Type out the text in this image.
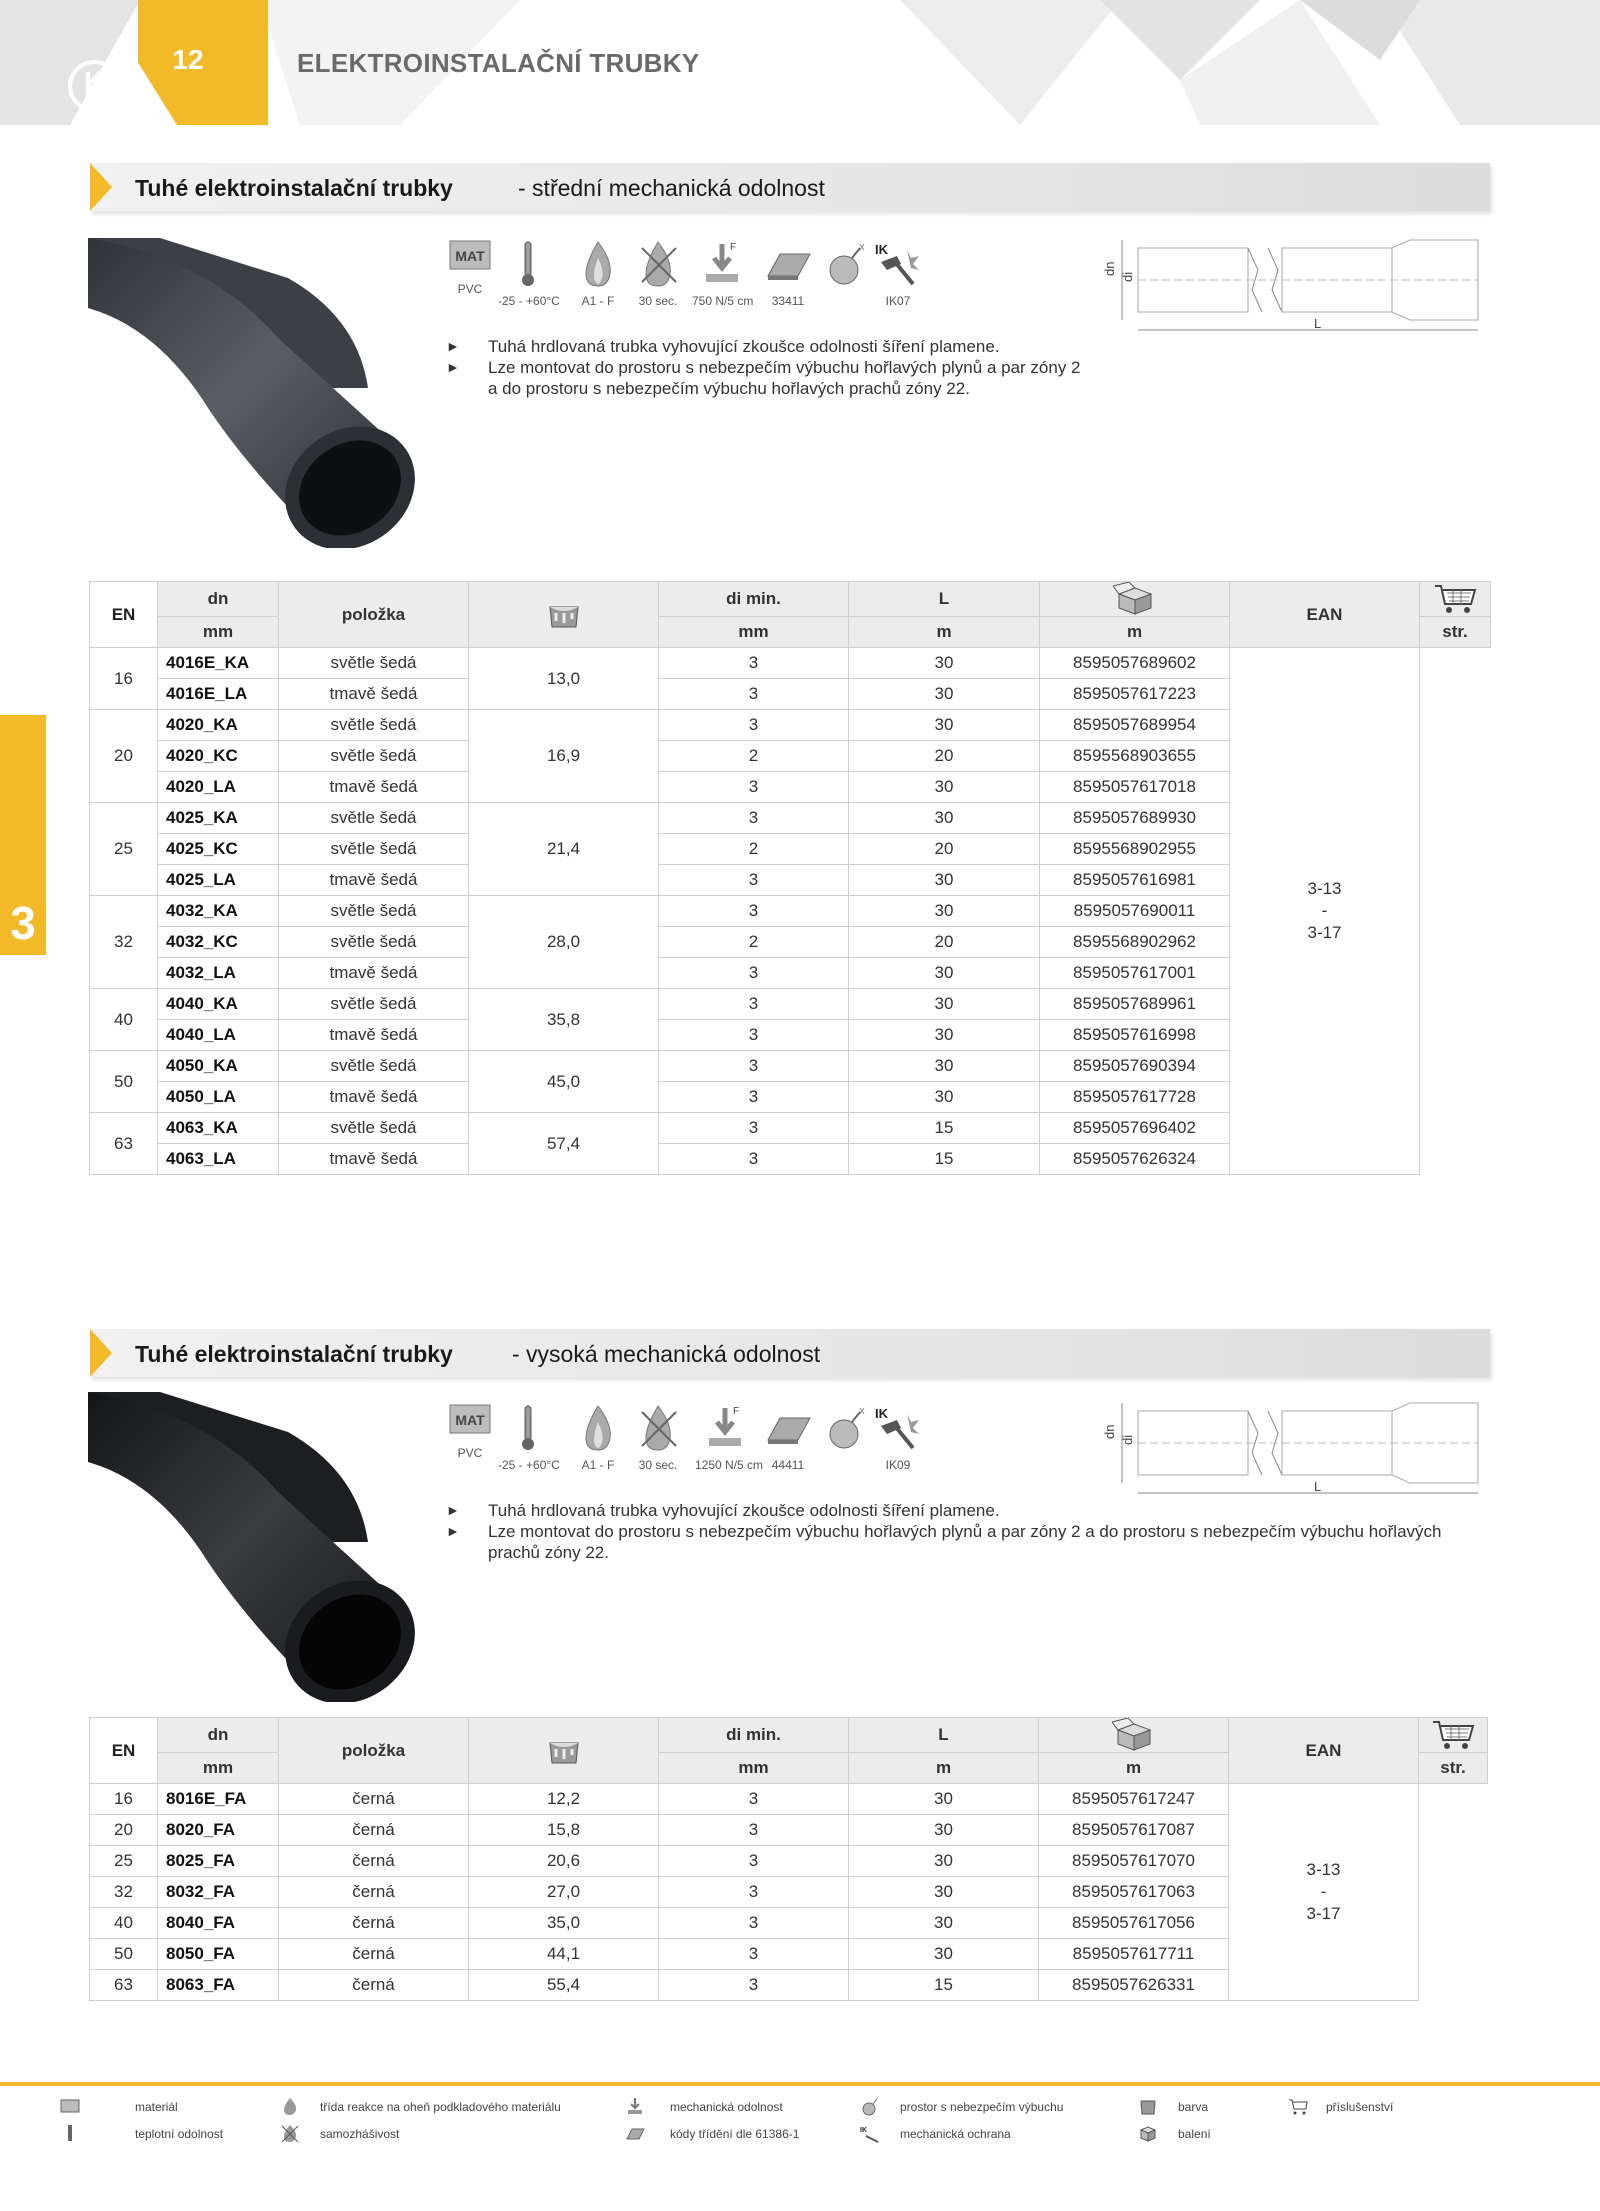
12	ELEKTROINSTALAČNÍ TRUBKY
3
Tuhé elektroinstalační trubky	- střední mechanická odolnost
MAT
PVC
-25 - +60°C	A1 - F	30 sec.
F
750 N/5 cm	33411
IK
IK07
► Tuhá hrdlovaná trubka vyhovující zkoušce odolnosti šíření plamene.
► Lze montovat do prostoru s nebezpečím výbuchu hořlavých plynů a par zóny 2 a do prostoru s nebezpečím výbuchu hořlavých prachů zóny 22.
dn
di
L
EN	dn	položka		di min.	L		EAN	
	mm			mm	m	m		str.
16	4016E_KA	světle šedá	13,0	3	30	8595057689602	3-13
-
3-17	

	4016E_LA	tmavě šedá		3	30	8595057617223		
20	4020_KA	světle šedá	16,9	3	30	8595057689954		
	4020_KC	světle šedá		2	20	8595568903655		
	4020_LA	tmavě šedá		3	30	8595057617018		
25	4025_KA	světle šedá	21,4	3	30	8595057689930		
	4025_KC	světle šedá		2	20	8595568902955		
	4025_LA	tmavě šedá		3	30	8595057616981		
32	4032_KA	světle šedá	28,0	3	30	8595057690011		
	4032_KC	světle šedá		2	20	8595568902962		
	4032_LA	tmavě šedá		3	30	8595057617001		
40	4040_KA	světle šedá	35,8	3	30	8595057689961		
	4040_LA	tmavě šedá		3	30	8595057616998		
50	4050_KA	světle šedá	45,0	3	30	8595057690394		
	4050_LA	tmavě šedá		3	30	8595057617728		
63	4063_KA	světle šedá	57,4	3	15	8595057696402		
	4063_LA	tmavě šedá		3	15	8595057626324		
Tuhé elektroinstalační trubky	- vysoká mechanická odolnost
MAT
PVC
-25 - +60°C	A1 - F	30 sec.
F
1250 N/5 cm 44411
IK
IK09
► Tuhá hrdlovaná trubka vyhovující zkoušce odolnosti šíření plamene.
► Lze montovat do prostoru s nebezpečím výbuchu hořlavých plynů a par zóny 2 a do prostoru s nebezpečím výbuchu hořlavých prachů zóny 22.
dn
di
L
EN	dn	položka		di min.	L		EAN	
	mm			mm	m	m		str.
16	8016E_FA	černá	12,2	3	30	8595057617247	3-13
-
3-17	

20	8020_FA	černá	15,8	3	30	8595057617087		
25	8025_FA	černá	20,6	3	30	8595057617070		
32	8032_FA	černá	27,0	3	30	8595057617063		
40	8040_FA	černá	35,0	3	30	8595057617056		
50	8050_FA	černá	44,1	3	30	8595057617711		
63	8063_FA	černá	55,4	3	15	8595057626331		
materiál
teplotní odolnost
třída reakce na oheň podkladového materiálu
samozhášivost
mechanická odolnost
kódy třídění dle 61386-1
prostor s nebezpečím výbuchu
IK	mechanická ochrana
barva
balení
příslušenství
